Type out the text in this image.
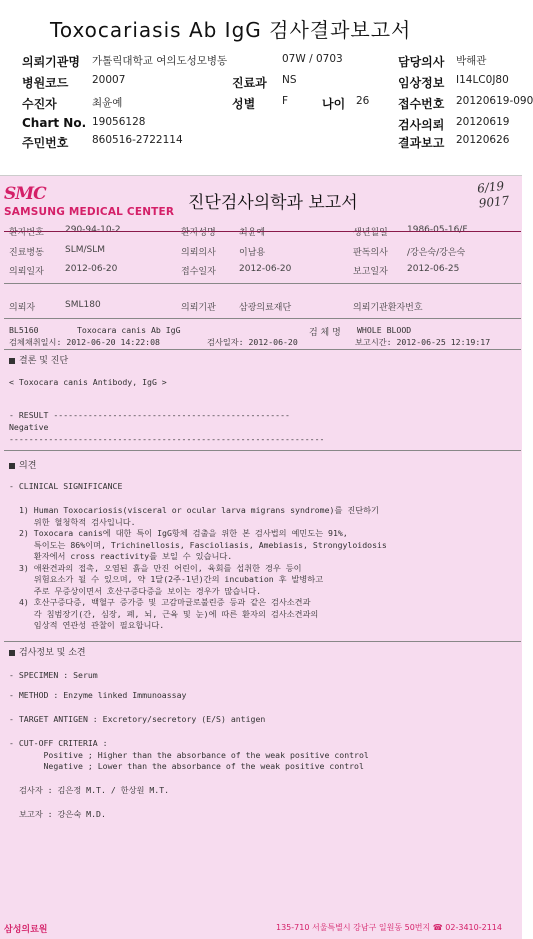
Toxocariasis Ab IgG 검사결과보고서
의뢰기관명 가톨릭대학교 여의도성모병동	07W / 0703	담당의사 박해관
병원코드 20007	진료과 NS	임상정보 I14LC0J80
수진자	최윤예	성별	F	나이 26 접수번호 20120619-090
Chart No. 19056128	검사의뢰 20120619
주민번호 860516-2722114	결과보고 20120626
SMC
SAMSUNG MEDICAL CENTER 진단검사의학과 보고서
6/19
9017
환자번호 290-94-10-2	환자성명	최윤예	생년월일 1986-05-16/F
진료병동 SLM/SLM	의뢰의사	이남용	판독의사 /강은숙/강은숙
의뢰일자 2012-06-20	접수일자	2012-06-20	보고일자 2012-06-25
의뢰자	SML180	의뢰기관	삼광의료재단	의뢰기관환자번호
BL5160	Toxocara canis Ab IgG	검 체 명 WHOLE BLOOD
검체채취일시: 2012-06-20 14:22:08	검사일자: 2012-06-20	보고시간: 2012-06-25 12:19:17
결론 및 진단
< Toxocara canis Antibody, IgG >
- RESULT ------------------------------------------------
Negative
----------------------------------------------------------------
의견
- CLINICAL SIGNIFICANCE
1) Human Toxocariosis(visceral or ocular larva migrans syndrome)를 진단하기
위한 혈청학적 검사입니다.
2) Toxocara canis에 대한 특이 IgG항체 검출을 위한 본 검사법의 예민도는 91%,
특이도는 86%이며, Trichinellosis, Fascioliasis, Amebiasis, Strongyloidosis
환자에서 cross reactivity를 보일 수 있습니다.
3) 애완견과의 접촉, 오염된 흙을 만진 어린이, 육회를 섭취한 경우 등이
위험요소가 될 수 있으며, 약 1달(2주-1년)간의 incubation 후 발병하고
주로 무증상이면서 호산구증다증을 보이는 경우가 많습니다.
4) 호산구증다증, 백혈구 증가증 및 고감마글로불린증 등과 같은 검사소견과
각 침범장기(간, 심장, 폐, 뇌, 근육 및 눈)에 따른 환자의 검사소견과의
임상적 연관성 관찰이 필요합니다.
검사정보 및 소견
- SPECIMEN : Serum
- METHOD : Enzyme linked Immunoassay
- TARGET ANTIGEN : Excretory/secretory (E/S) antigen
- CUT-OFF CRITERIA :
Positive ; Higher than the absorbance of the weak positive control
Negative ; Lower than the absorbance of the weak positive control
검사자 : 김은정 M.T. / 한상원 M.T.
보고자 : 강은숙 M.D.
삼성의료원	135-710 서울특별시 강남구 일원동 50번지 ☎ 02-3410-2114
